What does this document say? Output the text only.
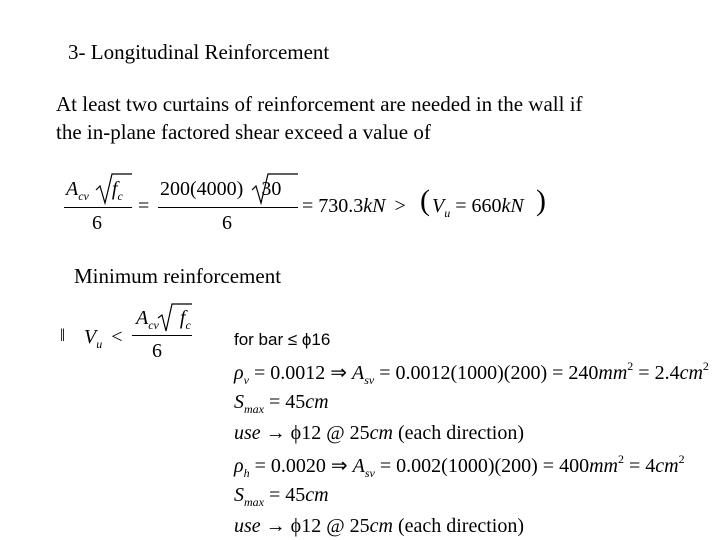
3- Longitudinal Reinforcement
At least two curtains of reinforcement are needed in the wall if
the in-plane factored shear exceed a value of
$A_{cv}$ $f_c$
6
=
200(4000) 30
6
= 730.3kN > ( $V_u = 660kN$ )
Minimum reinforcement
ǁ $V_u$ <
$A_{cv}$ $f_c$
6
for bar ≤ ϕ16
$\rho_v = 0.0012$ ⇒ $A_{sv} = 0.0012(1000)(200) = 240mm^2 = 2.4cm^2$
$S_{max} = 45cm$
use → ϕ12 @ 25cm (each direction)
$\rho_h = 0.0020$ ⇒ $A_{sv} = 0.002(1000)(200) = 400mm^2 = 4cm^2$
$S_{max} = 45cm$
use → ϕ12 @ 25cm (each direction)
